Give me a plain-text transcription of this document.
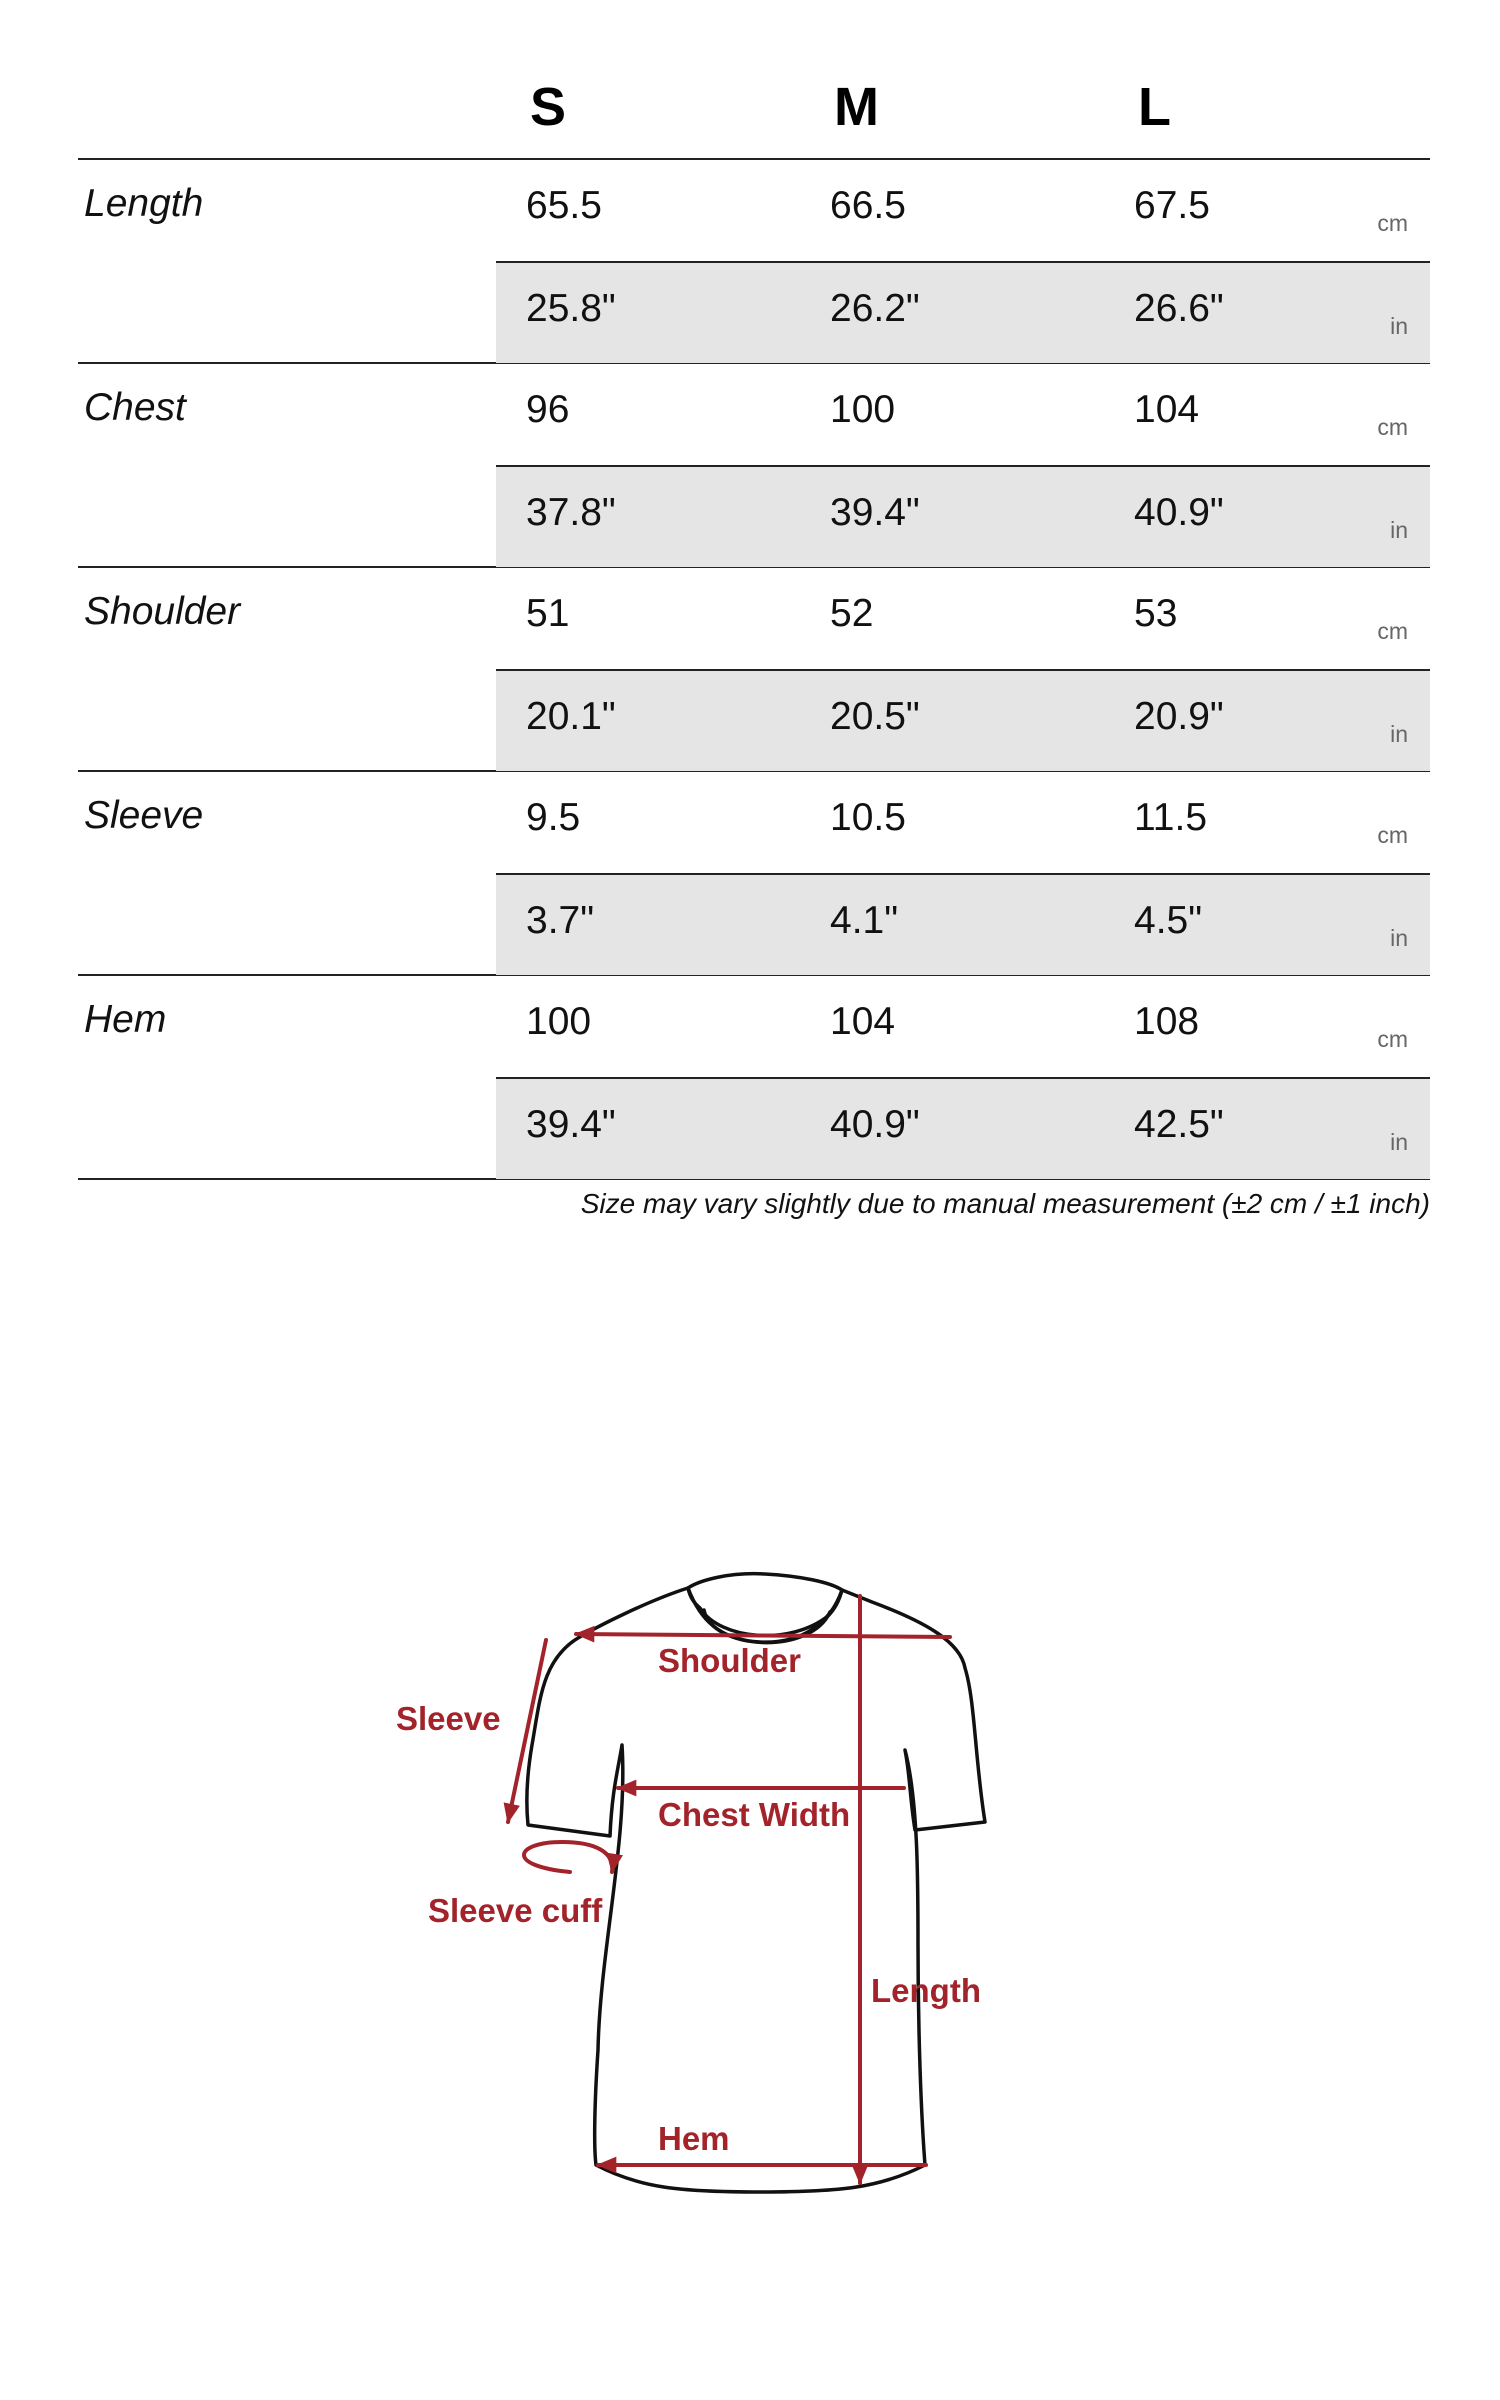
S	M	L
Length	65.5	66.5	67.5	cm
25.8"	26.2"	26.6"	in
Chest	96	100	104	cm
37.8"	39.4"	40.9"	in
Shoulder	51	52	53	cm
20.1"	20.5"	20.9"	in
Sleeve	9.5	10.5	11.5	cm
3.7"	4.1"	4.5"	in
Hem	100	104	108	cm
39.4"	40.9"	42.5"	in
Size may vary slightly due to manual measurement (±2 cm / ±1 inch)
Shoulder
Sleeve
Chest Width
Sleeve cuff
Length
Hem
